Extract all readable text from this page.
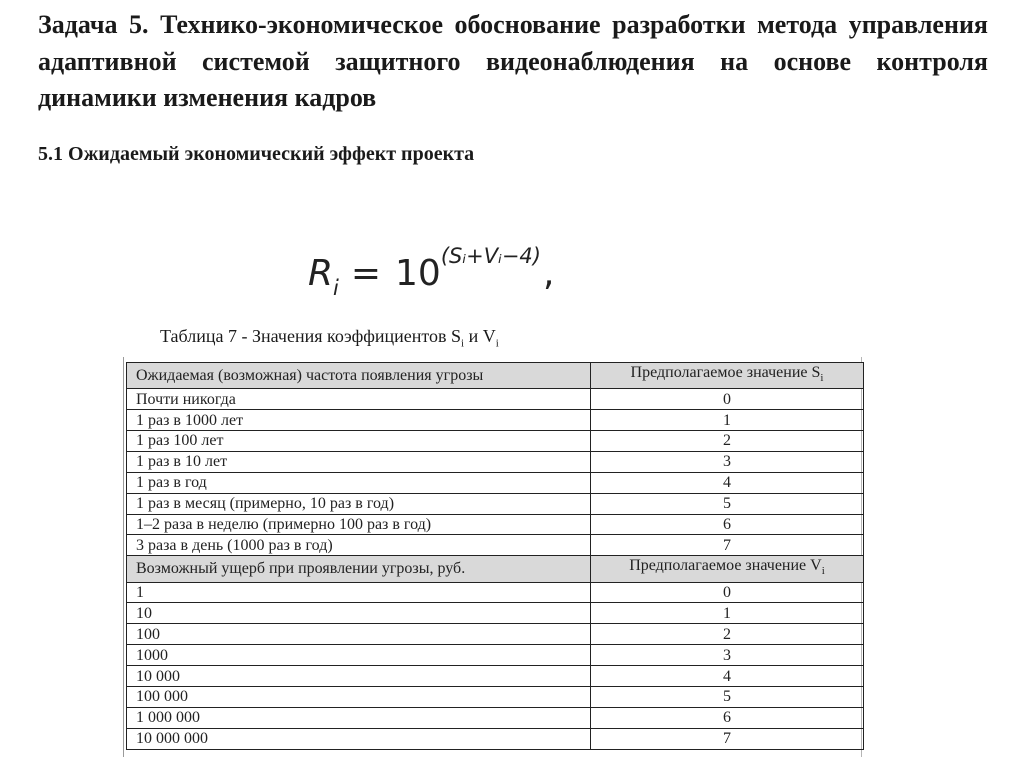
Задача 5. Технико-экономическое обоснование разработки метода управления адаптивной системой защитного видеонаблюдения на основе контроля динамики изменения кадров
5.1 Ожидаемый экономический эффект проекта
$R_i = 10^{(Sᵢ+Vᵢ-4)}$,

Таблица 7 - Значения коэффициентов $S_i$ и $V_i$

Ожидаемая (возможная) частота появления угрозы	Предполагаемое значение $S_i$
Почти никогда	0
1 раз в 1000 лет	1
1 раз 100 лет	2
1 раз в 10 лет	3
1 раз в год	4
1 раз в месяц (примерно, 10 раз в год)	5
1–2 раза в неделю (примерно 100 раз в год)	6
3 раза в день (1000 раз в год)	7
Возможный ущерб при проявлении угрозы, руб.	Предполагаемое значение $V_i$
1	0
10	1
100	2
1000	3
10 000	4
100 000	5
1 000 000	6
10 000 000	7
